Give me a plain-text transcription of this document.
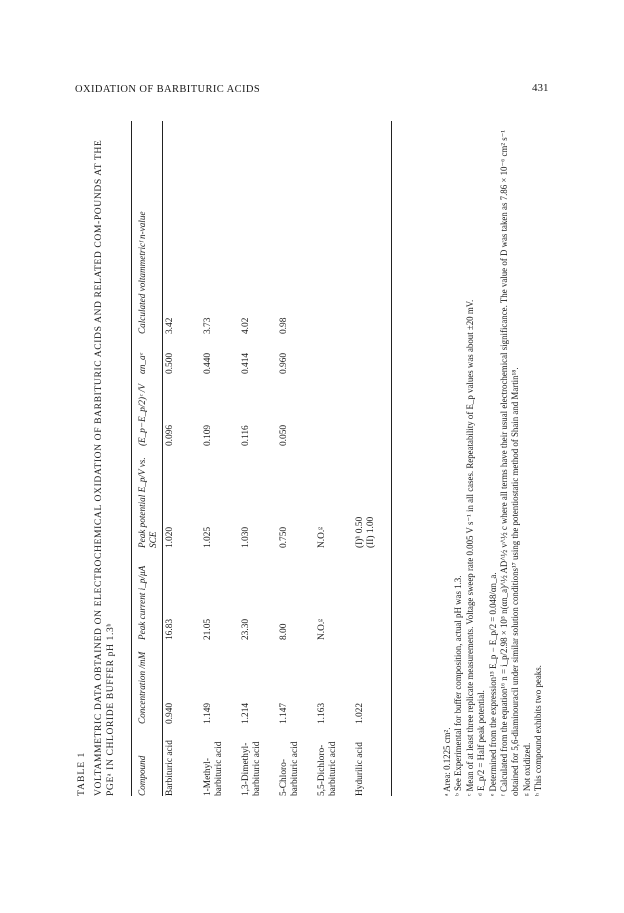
OXIDATION OF BARBITURIC ACIDS	431
TABLE 1 VOLTAMMETRIC DATA OBTAINED ON ELECTROCHEMICAL OXIDATION OF BARBITURIC ACIDS AND RELATED COM-POUNDS AT THE PGEᵃ IN CHLORIDE BUFFER pH 1.3ᵇ Compound	Concentration /mM	Peak current i_p/μA	Peak potential E_p/V vs. SCE	(E_p−E_p/2)ᶜ /V	αn_aᵉ	Calculated voltammetricᶠ n-value

Barbituric acid	0.940	16.83	1.020	0.096	0.500	3.42
1-Methyl-barbituric acid	1.149	21.05	1.025	0.109	0.440	3.73
1,3-Dimethyl-barbituric acid	1.214	23.30	1.030	0.116	0.414	4.02
5-Chloro-barbituric acid	1.147	8.00	0.750	0.050	0.960	0.98
5,5-Dichloro-barbituric acid	1.163	N.O.ᵍ	N.O.ᵍ			
Hydurilic acid	1.022		(I)ʰ 0.50
(II) 1.00			

ᵃ Area: 0.1225 cm². ᵇ See Experimental for buffer composition, actual pH was 1.3. ᶜ Mean of at least three replicate measurements. Voltage sweep rate 0.005 V s⁻¹ in all cases. Repeatability of E_p values was about ±20 mV. ᵈ E_p/2 = Half peak potential. ᵉ Determined from the expression¹⁵ E_p − E_p/2 = 0.048/αn_a. ᶠ Calculated from the equation¹⁶ n = i_p/2.98 × 10⁵ n(αn_a)^½ AD^½ v^½ c where all terms have their usual electrochemical significance. The value of D was taken as 7.86 × 10⁻⁶ cm² s⁻¹ obtained for 5,6-diaminouracil under similar solution conditions¹⁷ using the potentiostatic method of Shain and Martin¹⁸. ᵍ Not oxidized. ʰ This compound exhibits two peaks.
